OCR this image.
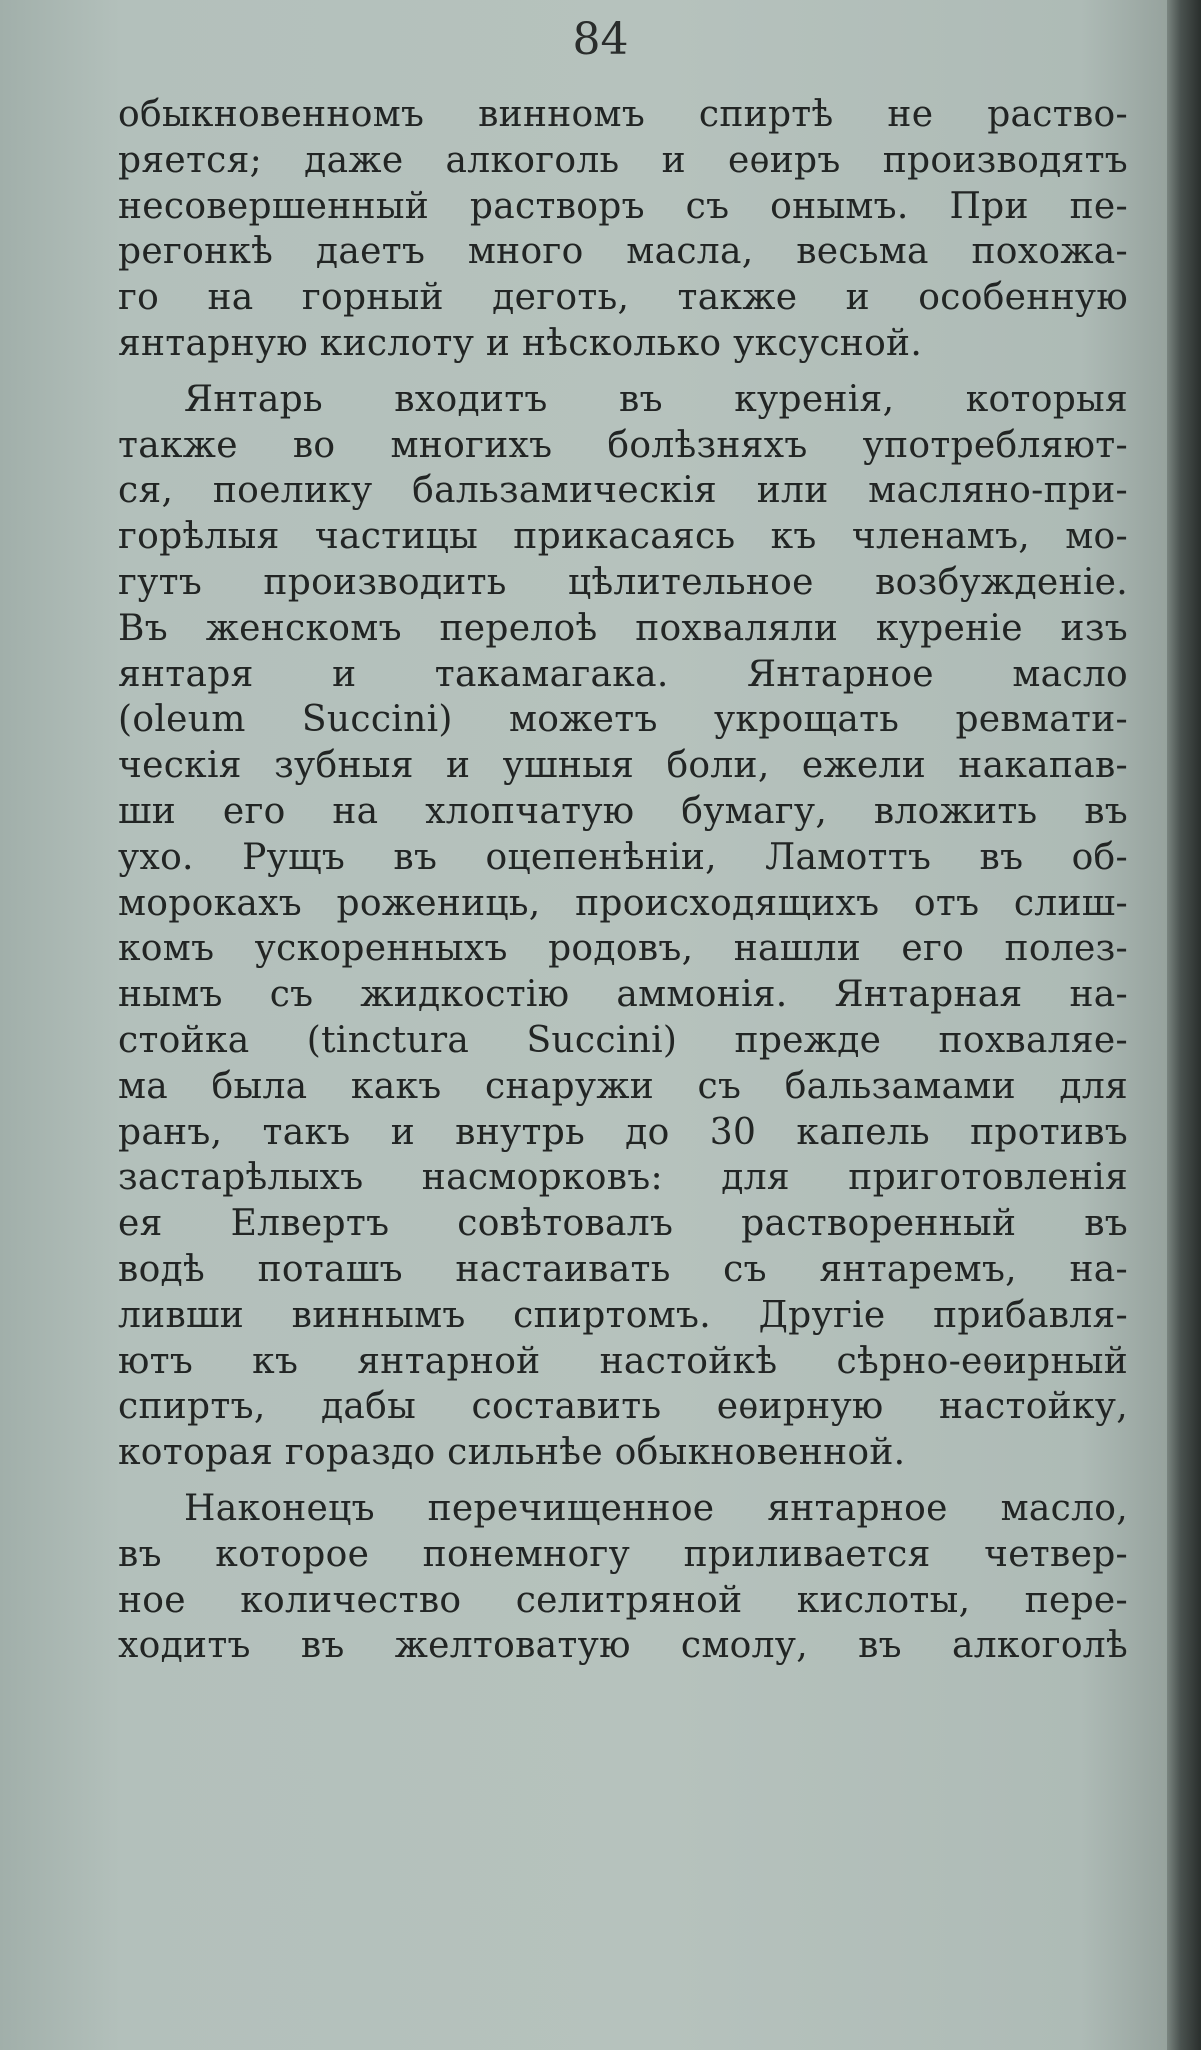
84
обыкновенномъ винномъ спиртѣ не раство-
ряется; даже алкоголь и еѳиръ производятъ
несовершенный растворъ съ онымъ. При пе-
регонкѣ даетъ много масла, весьма похожа-
го на горный деготь, также и особенную
янтарную кислоту и нѣсколько уксусной.
Янтарь входитъ въ куренія, которыя
также во многихъ болѣзняхъ употребляют-
ся, поелику бальзамическія или масляно-при-
горѣлыя частицы прикасаясь къ членамъ, мо-
гутъ производить цѣлительное возбужденіе.
Въ женскомъ перелоѣ похваляли куреніе изъ
янтаря и такамагака. Янтарное масло
(oleum Succini) можетъ укрощать ревмати-
ческія зубныя и ушныя боли, ежели накапав-
ши его на хлопчатую бумагу, вложить въ
ухо. Рущъ въ оцепенѣніи, Ламоттъ въ об-
морокахъ рожениць, происходящихъ отъ слиш-
комъ ускоренныхъ родовъ, нашли его полез-
нымъ съ жидкостію аммонія. Янтарная на-
стойка (tinctura Succini) прежде похваляе-
ма была какъ снаружи съ бальзамами для
ранъ, такъ и внутрь до 30 капель противъ
застарѣлыхъ насморковъ: для приготовленія
ея Елвертъ совѣтовалъ растворенный въ
водѣ поташъ настаивать съ янтаремъ, на-
ливши виннымъ спиртомъ. Другіе прибавля-
ютъ къ янтарной настойкѣ сѣрно-еѳирный
спиртъ, дабы составить еѳирную настойку,
которая гораздо сильнѣе обыкновенной.
Наконецъ перечищенное янтарное масло,
въ которое понемногу приливается четвер-
ное количество селитряной кислоты, пере-
ходитъ въ желтоватую смолу, въ алкоголѣ
